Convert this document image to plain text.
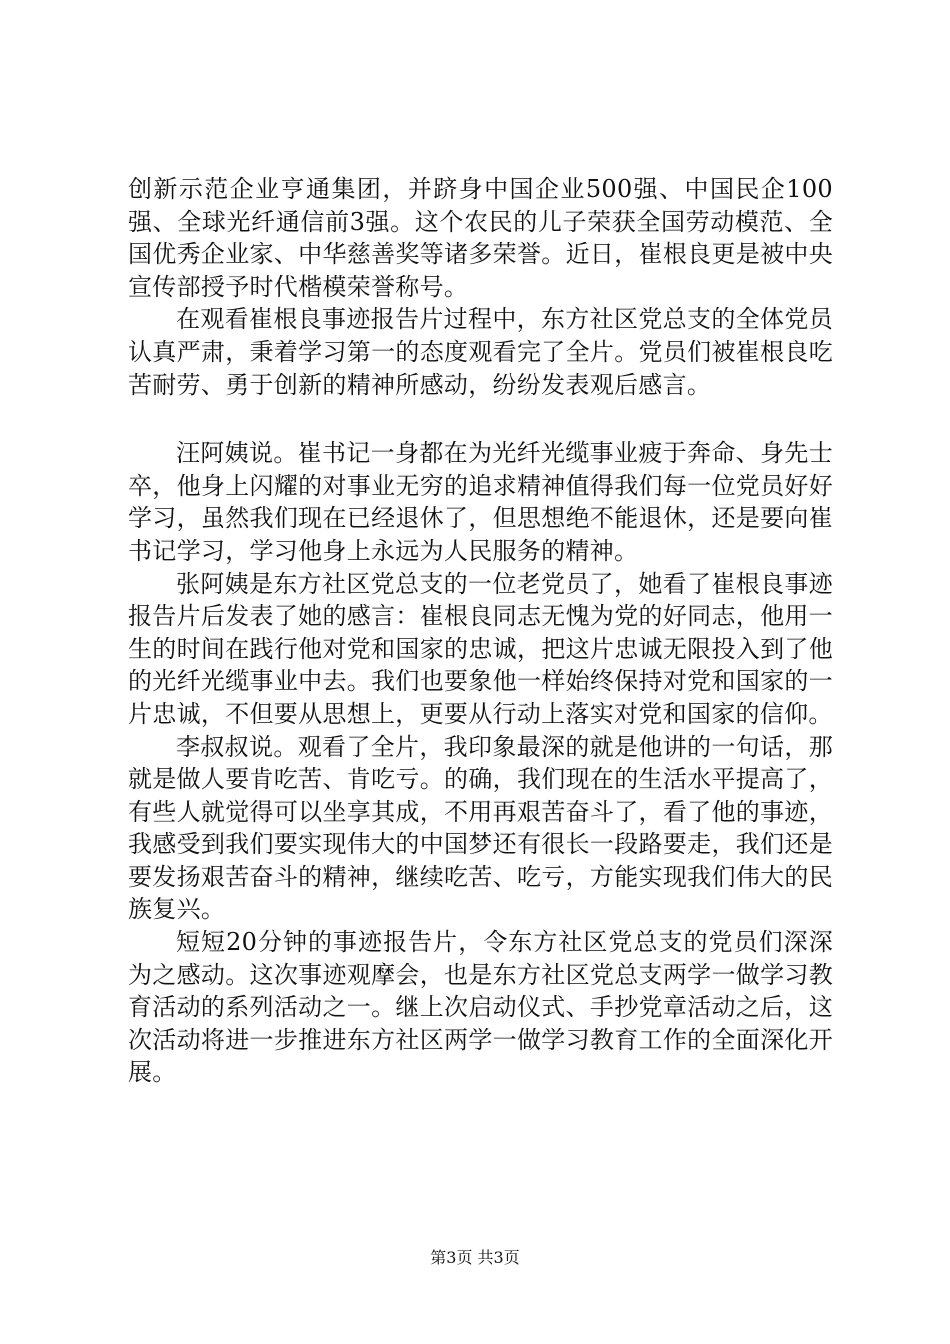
创新示范企业亨通集团，并跻身中国企业500强、中国民企100强、全球光纤通信前3强。这个农民的儿子荣获全国劳动模范、全国优秀企业家、中华慈善奖等诸多荣誉。近日，崔根良更是被中央宣传部授予时代楷模荣誉称号。

在观看崔根良事迹报告片过程中，东方社区党总支的全体党员认真严肃，秉着学习第一的态度观看完了全片。党员们被崔根良吃苦耐劳、勇于创新的精神所感动，纷纷发表观后感言。

汪阿姨说。崔书记一身都在为光纤光缆事业疲于奔命、身先士卒，他身上闪耀的对事业无穷的追求精神值得我们每一位党员好好学习，虽然我们现在已经退休了，但思想绝不能退休，还是要向崔书记学习，学习他身上永远为人民服务的精神。

张阿姨是东方社区党总支的一位老党员了，她看了崔根良事迹报告片后发表了她的感言：崔根良同志无愧为党的好同志，他用一生的时间在践行他对党和国家的忠诚，把这片忠诚无限投入到了他的光纤光缆事业中去。我们也要象他一样始终保持对党和国家的一片忠诚，不但要从思想上，更要从行动上落实对党和国家的信仰。

李叔叔说。观看了全片，我印象最深的就是他讲的一句话，那就是做人要肯吃苦、肯吃亏。的确，我们现在的生活水平提高了，有些人就觉得可以坐享其成，不用再艰苦奋斗了，看了他的事迹，我感受到我们要实现伟大的中国梦还有很长一段路要走，我们还是要发扬艰苦奋斗的精神，继续吃苦、吃亏，方能实现我们伟大的民族复兴。

短短20分钟的事迹报告片，令东方社区党总支的党员们深深为之感动。这次事迹观摩会，也是东方社区党总支两学一做学习教育活动的系列活动之一。继上次启动仪式、手抄党章活动之后，这次活动将进一步推进东方社区两学一做学习教育工作的全面深化开展。

第3页 共3页
